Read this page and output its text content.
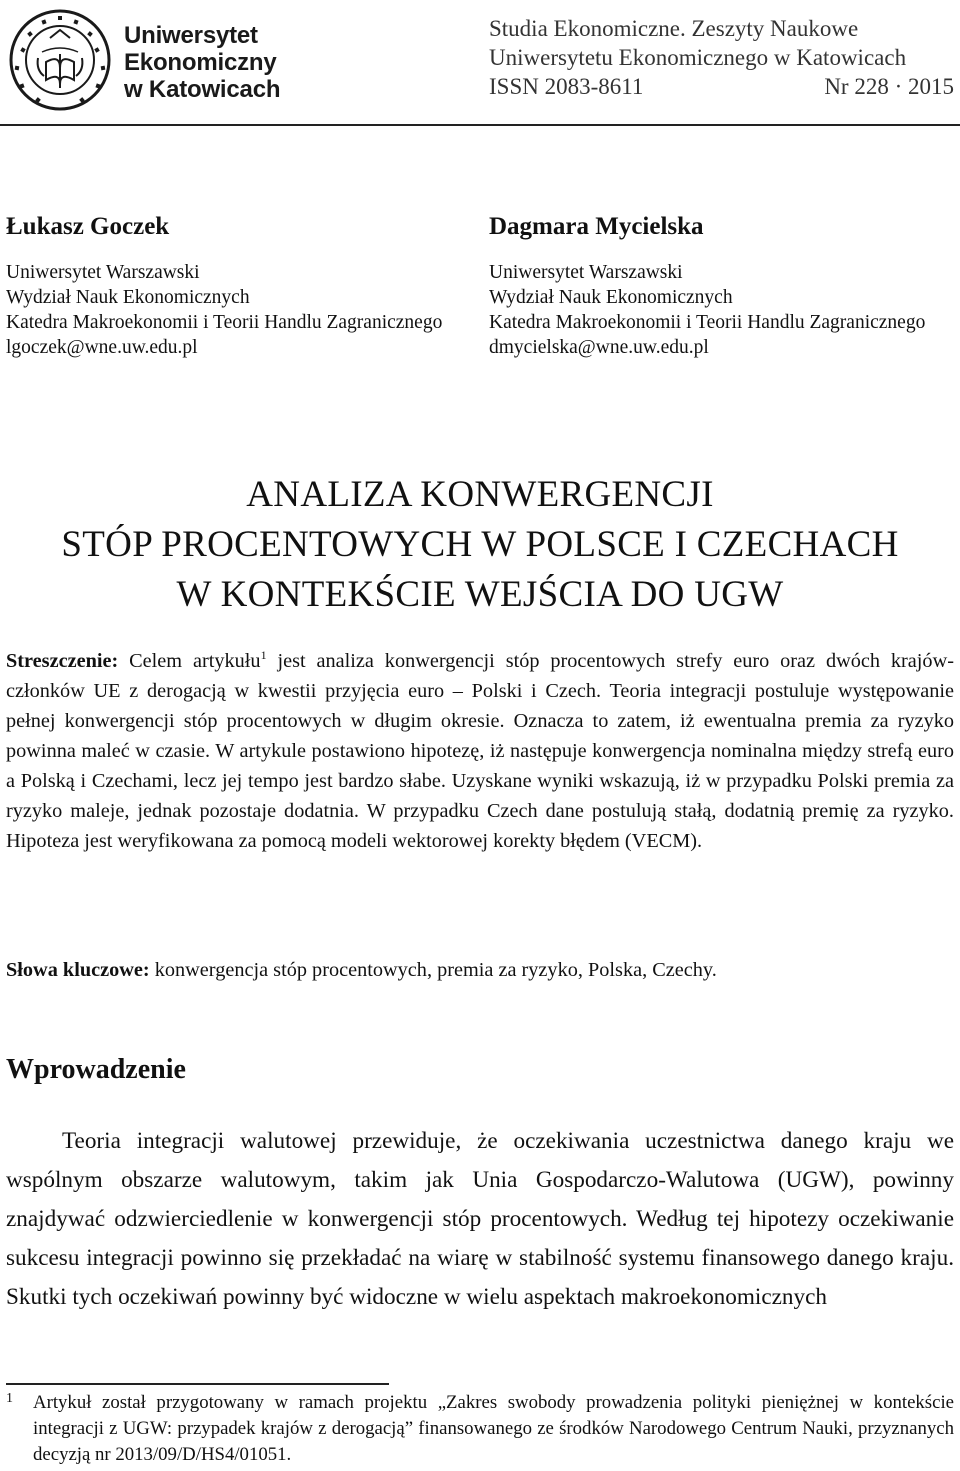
Uniwersytet
Ekonomiczny
w Katowicach
Studia Ekonomiczne. Zeszyty Naukowe
Uniwersytetu Ekonomicznego w Katowicach
ISSN 2083-8611	Nr 228 · 2015
Łukasz Goczek
Uniwersytet Warszawski
Wydział Nauk Ekonomicznych
Katedra Makroekonomii i Teorii Handlu Zagranicznego
lgoczek@wne.uw.edu.pl
Dagmara Mycielska
Uniwersytet Warszawski
Wydział Nauk Ekonomicznych
Katedra Makroekonomii i Teorii Handlu Zagranicznego
dmycielska@wne.uw.edu.pl
ANALIZA KONWERGENCJI
STÓP PROCENTOWYCH W POLSCE I CZECHACH
W KONTEKŚCIE WEJŚCIA DO UGW

Streszczenie: Celem artykułu$^1$ jest analiza konwergencji stóp procentowych strefy euro oraz dwóch krajów-członków UE z derogacją w kwestii przyjęcia euro – Polski i Czech. Teoria integracji postuluje występowanie pełnej konwergencji stóp procentowych w długim okresie. Oznacza to zatem, iż ewentualna premia za ryzyko powinna maleć w czasie. W artykule postawiono hipotezę, iż następuje konwergencja nominalna między strefą euro a Polską i Czechami, lecz jej tempo jest bardzo słabe. Uzyskane wyniki wskazują, iż w przypadku Polski premia za ryzyko maleje, jednak pozostaje dodatnia. W przypadku Czech dane postulują stałą, dodatnią premię za ryzyko. Hipoteza jest weryfikowana za pomocą modeli wektorowej korekty błędem (VECM).

Słowa kluczowe: konwergencja stóp procentowych, premia za ryzyko, Polska, Czechy.
Wprowadzenie

Teoria integracji walutowej przewiduje, że oczekiwania uczestnictwa danego kraju we wspólnym obszarze walutowym, takim jak Unia Gospodarczo-Walutowa (UGW), powinny znajdywać odzwierciedlenie w konwergencji stóp procentowych. Według tej hipotezy oczekiwanie sukcesu integracji powinno się przekładać na wiarę w stabilność systemu finansowego danego kraju. Skutki tych oczekiwań powinny być widoczne w wielu aspektach makroekonomicznych

1 Artykuł został przygotowany w ramach projektu „Zakres swobody prowadzenia polityki pieniężnej w kontekście integracji z UGW: przypadek krajów z derogacją” finansowanego ze środków Narodowego Centrum Nauki, przyznanych decyzją nr 2013/09/D/HS4/01051.
